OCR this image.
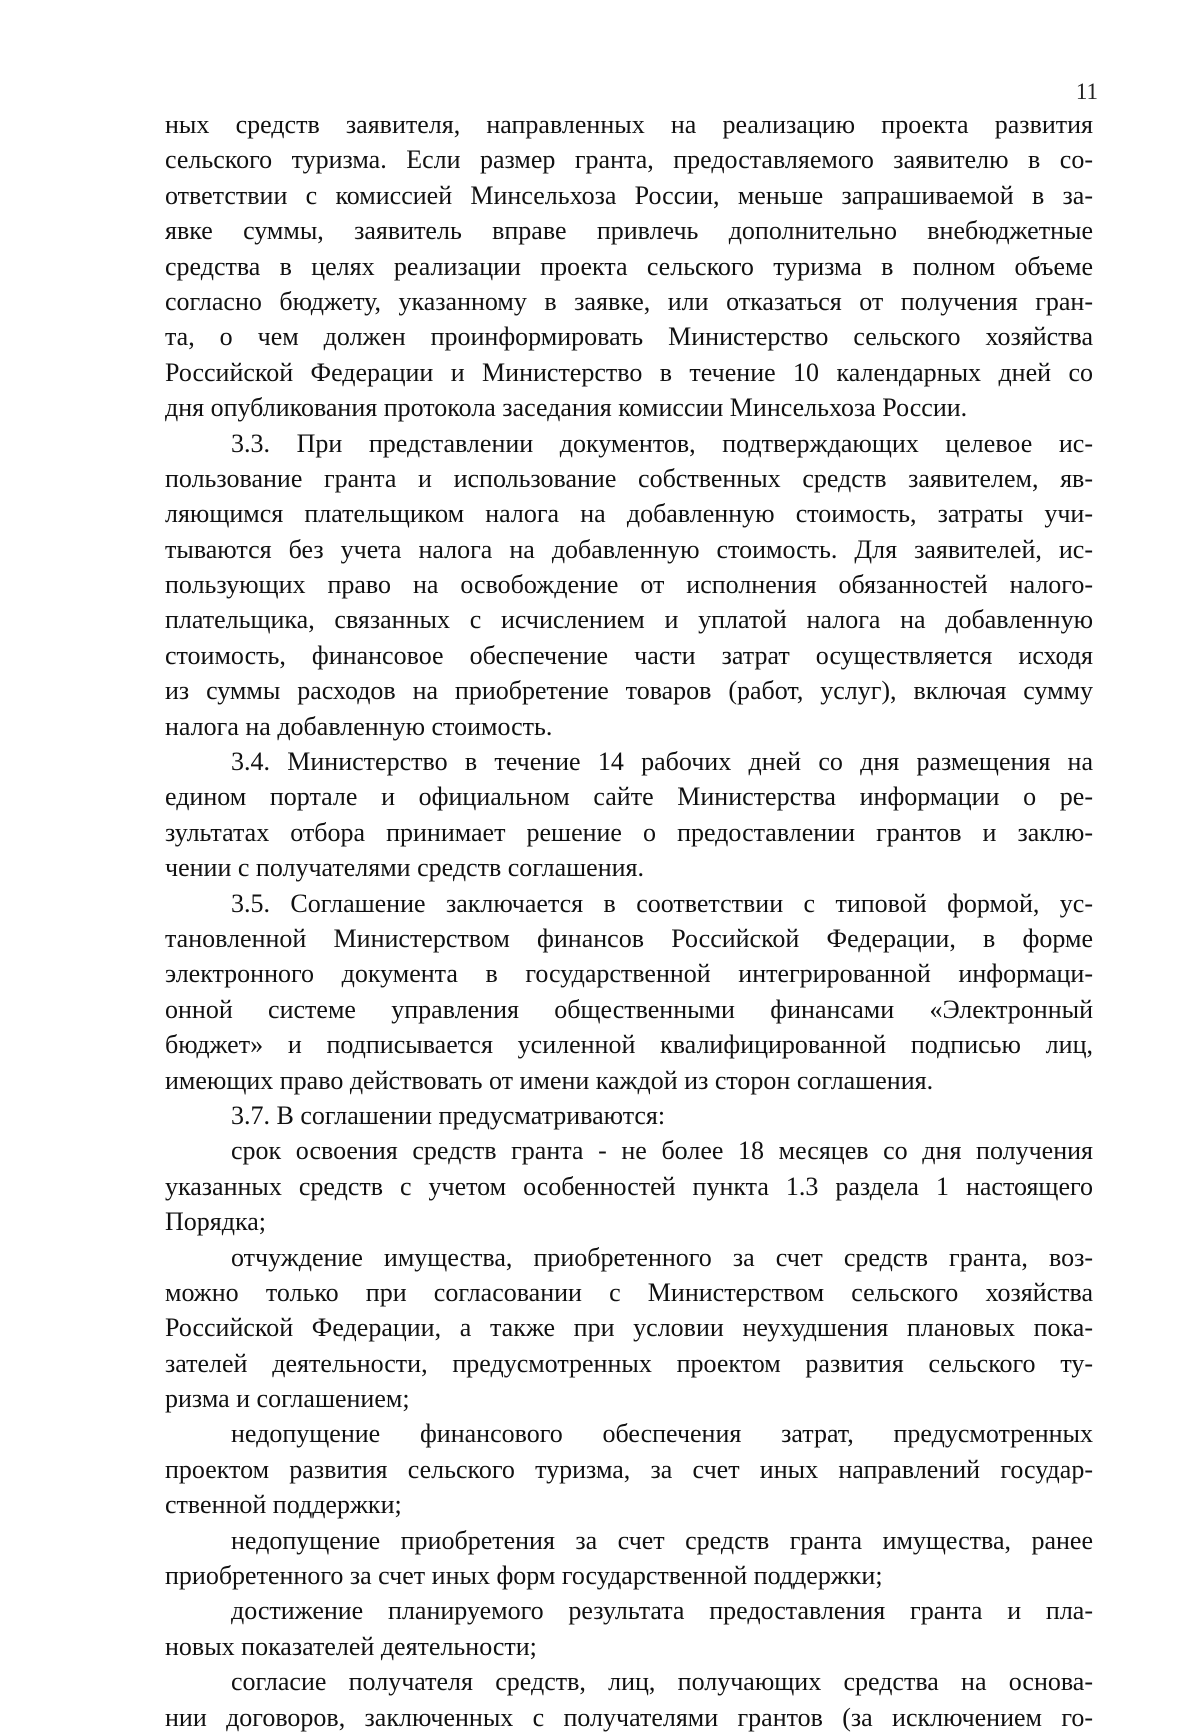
11
ных средств заявителя, направленных на реализацию проекта развития
сельского туризма. Если размер гранта, предоставляемого заявителю в со-
ответствии с комиссией Минсельхоза России, меньше запрашиваемой в за-
явке суммы, заявитель вправе привлечь дополнительно внебюджетные
средства в целях реализации проекта сельского туризма в полном объеме
согласно бюджету, указанному в заявке, или отказаться от получения гран-
та, о чем должен проинформировать Министерство сельского хозяйства
Российской Федерации и Министерство в течение 10 календарных дней со
дня опубликования протокола заседания комиссии Минсельхоза России.
3.3. При представлении документов, подтверждающих целевое ис-
пользование гранта и использование собственных средств заявителем, яв-
ляющимся плательщиком налога на добавленную стоимость, затраты учи-
тываются без учета налога на добавленную стоимость. Для заявителей, ис-
пользующих право на освобождение от исполнения обязанностей налого-
плательщика, связанных с исчислением и уплатой налога на добавленную
стоимость, финансовое обеспечение части затрат осуществляется исходя
из суммы расходов на приобретение товаров (работ, услуг), включая сумму
налога на добавленную стоимость.
3.4. Министерство в течение 14 рабочих дней со дня размещения на
едином портале и официальном сайте Министерства информации о ре-
зультатах отбора принимает решение о предоставлении грантов и заклю-
чении с получателями средств соглашения.
3.5. Соглашение заключается в соответствии с типовой формой, ус-
тановленной Министерством финансов Российской Федерации, в форме
электронного документа в государственной интегрированной информаци-
онной системе управления общественными финансами «Электронный
бюджет» и подписывается усиленной квалифицированной подписью лиц,
имеющих право действовать от имени каждой из сторон соглашения.
3.7. В соглашении предусматриваются:
срок освоения средств гранта - не более 18 месяцев со дня получения
указанных средств с учетом особенностей пункта 1.3 раздела 1 настоящего
Порядка;
отчуждение имущества, приобретенного за счет средств гранта, воз-
можно только при согласовании с Министерством сельского хозяйства
Российской Федерации, а также при условии неухудшения плановых пока-
зателей деятельности, предусмотренных проектом развития сельского ту-
ризма и соглашением;
недопущение финансового обеспечения затрат, предусмотренных
проектом развития сельского туризма, за счет иных направлений государ-
ственной поддержки;
недопущение приобретения за счет средств гранта имущества, ранее
приобретенного за счет иных форм государственной поддержки;
достижение планируемого результата предоставления гранта и пла-
новых показателей деятельности;
согласие получателя средств, лиц, получающих средства на основа-
нии договоров, заключенных с получателями грантов (за исключением го-
